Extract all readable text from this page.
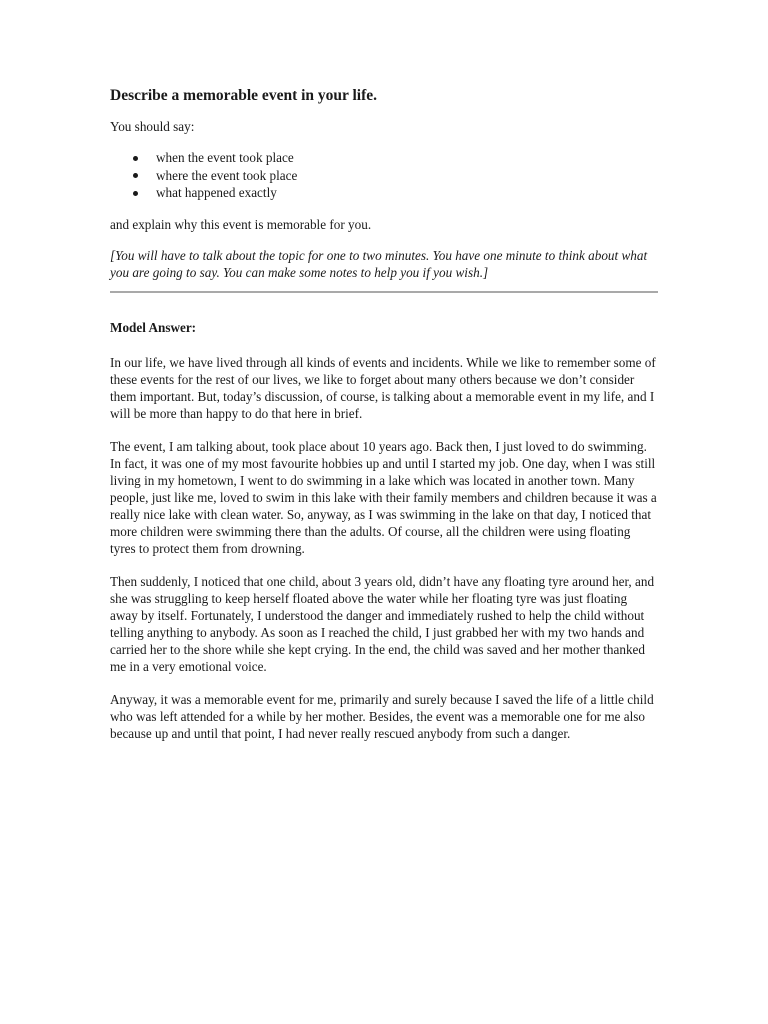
Describe a memorable event in your life.

You should say:

when the event took place
where the event took place
what happened exactly

and explain why this event is memorable for you.

[You will have to talk about the topic for one to two minutes. You have one minute to think about what you are going to say. You can make some notes to help you if you wish.]

Model Answer:

In our life, we have lived through all kinds of events and incidents. While we like to remember some of these events for the rest of our lives, we like to forget about many others because we don’t consider them important. But, today’s discussion, of course, is talking about a memorable event in my life, and I will be more than happy to do that here in brief.

The event, I am talking about, took place about 10 years ago. Back then, I just loved to do swimming. In fact, it was one of my most favourite hobbies up and until I started my job. One day, when I was still living in my hometown, I went to do swimming in a lake which was located in another town. Many people, just like me, loved to swim in this lake with their family members and children because it was a really nice lake with clean water. So, anyway, as I was swimming in the lake on that day, I noticed that more children were swimming there than the adults. Of course, all the children were using floating tyres to protect them from drowning.

Then suddenly, I noticed that one child, about 3 years old, didn’t have any floating tyre around her, and she was struggling to keep herself floated above the water while her floating tyre was just floating away by itself. Fortunately, I understood the danger and immediately rushed to help the child without telling anything to anybody. As soon as I reached the child, I just grabbed her with my two hands and carried her to the shore while she kept crying. In the end, the child was saved and her mother thanked me in a very emotional voice.

Anyway, it was a memorable event for me, primarily and surely because I saved the life of a little child who was left attended for a while by her mother. Besides, the event was a memorable one for me also because up and until that point, I had never really rescued anybody from such a danger.
